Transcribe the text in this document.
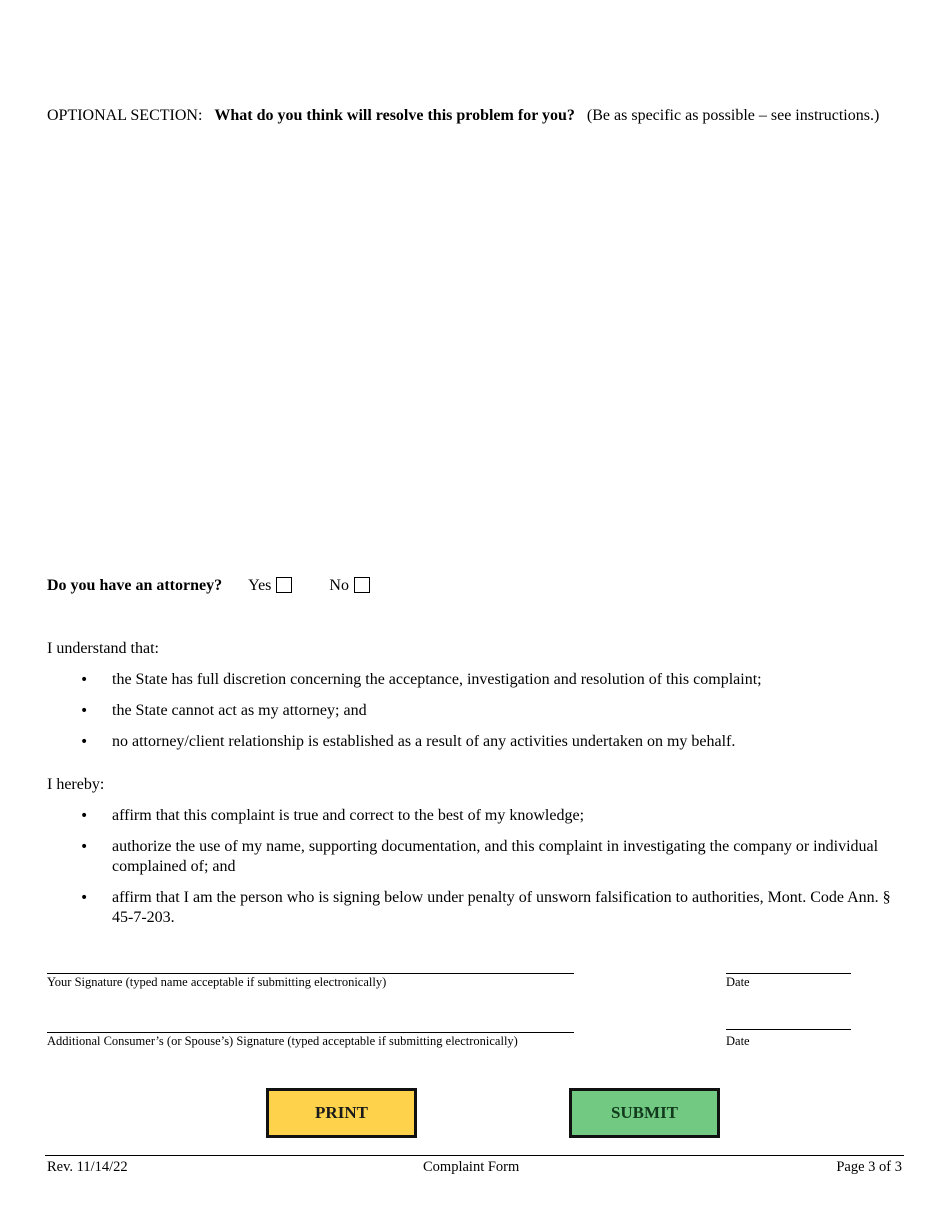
OPTIONAL SECTION: What do you think will resolve this problem for you? (Be as specific as possible – see instructions.)
Do you have an attorney? Yes	No
I understand that:
• the State has full discretion concerning the acceptance, investigation and resolution of this complaint;
• the State cannot act as my attorney; and
• no attorney/client relationship is established as a result of any activities undertaken on my behalf.
I hereby:
• affirm that this complaint is true and correct to the best of my knowledge;
• authorize the use of my name, supporting documentation, and this complaint in investigating the company or individual complained of; and
• affirm that I am the person who is signing below under penalty of unsworn falsification to authorities, Mont. Code Ann. § 45-7-203.
Your Signature (typed name acceptable if submitting electronically)	Date
Additional Consumer’s (or Spouse’s) Signature (typed acceptable if submitting electronically)	Date
PRINT	SUBMIT
Rev. 11/14/22	Complaint Form	Page 3 of 3
